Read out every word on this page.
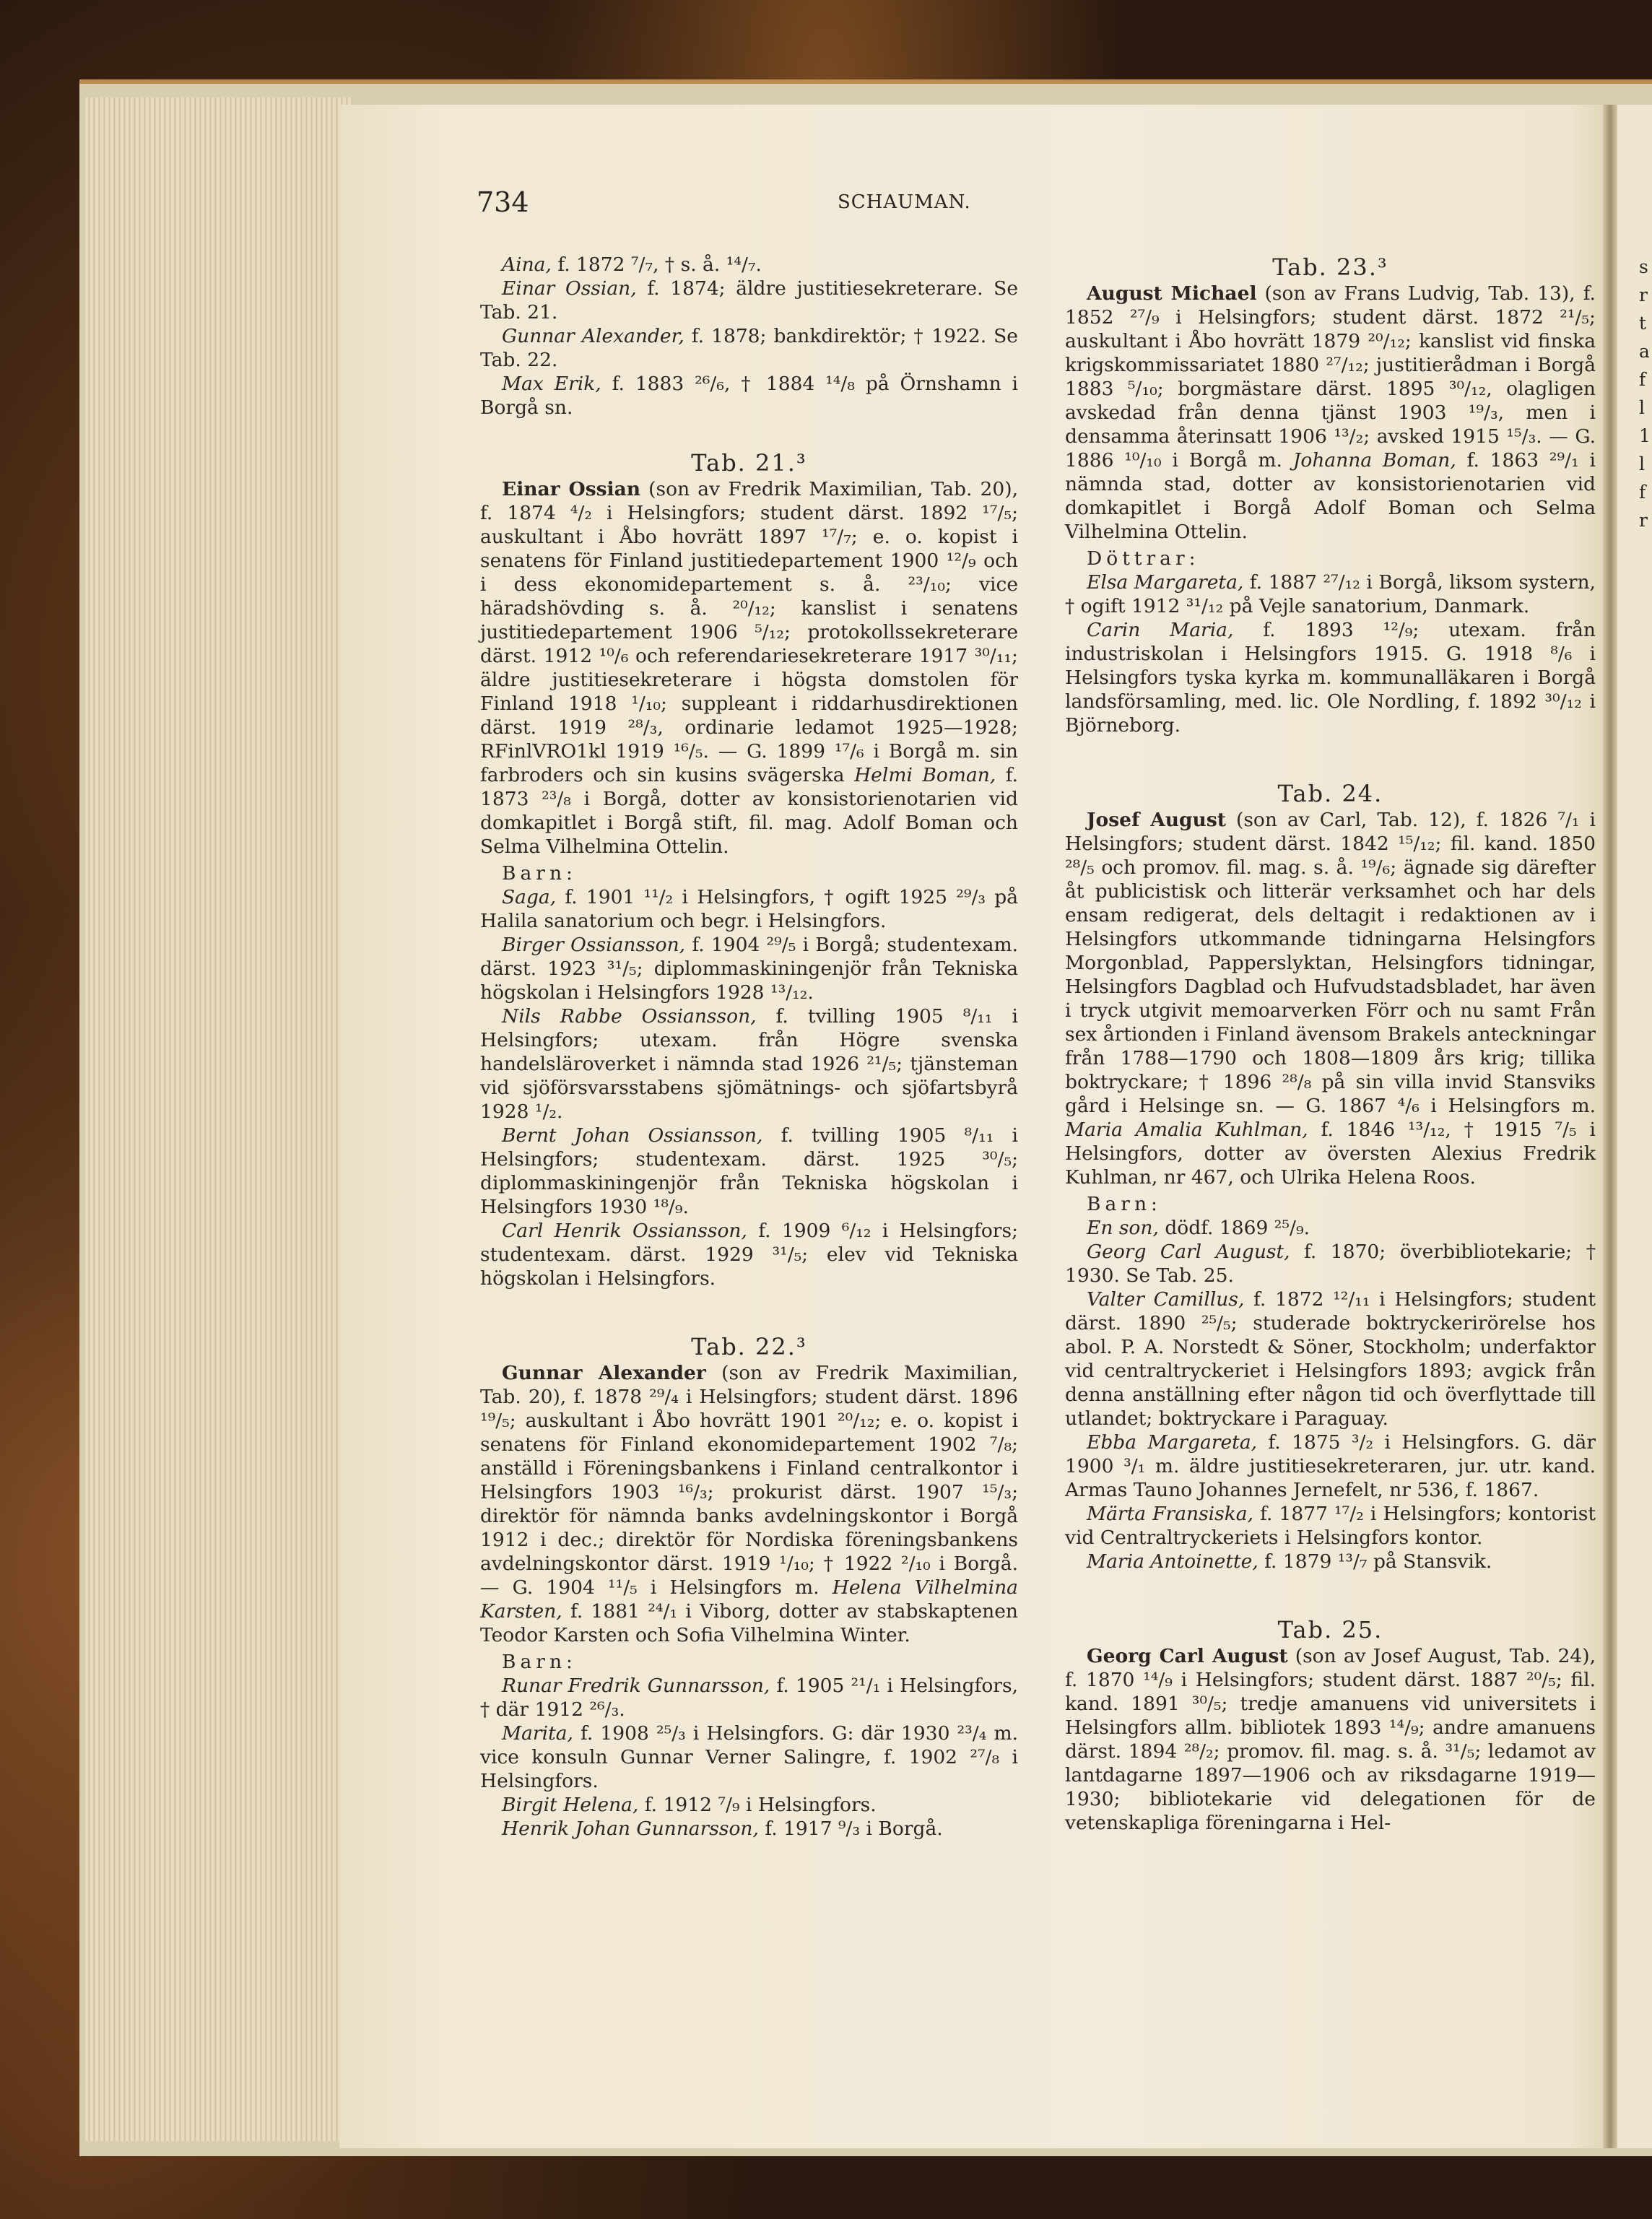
s
r
t
a
f
l
1
l
f
r
734	SCHAUMAN.

Aina, f. 1872 ⁷/₇, † s. å. ¹⁴/₇.

Einar Ossian, f. 1874; äldre justitiesekreterare. Se Tab. 21.

Gunnar Alexander, f. 1878; bankdirektör; † 1922. Se Tab. 22.

Max Erik, f. 1883 ²⁶/₆, † 1884 ¹⁴/₈ på Örnshamn i Borgå sn.

Tab. 21.³

Einar Ossian (son av Fredrik Maximilian, Tab. 20), f. 1874 ⁴/₂ i Helsingfors; student därst. 1892 ¹⁷/₅; auskultant i Åbo hovrätt 1897 ¹⁷/₇; e. o. kopist i senatens för Finland justitiedepartement 1900 ¹²/₉ och i dess ekonomidepartement s. å. ²³/₁₀; vice häradshövding s. å. ²⁰/₁₂; kanslist i senatens justitiedepartement 1906 ⁵/₁₂; protokollssekreterare därst. 1912 ¹⁰/₆ och referendariesekreterare 1917 ³⁰/₁₁; äldre justitiesekreterare i högsta domstolen för Finland 1918 ¹/₁₀; suppleant i riddarhusdirektionen därst. 1919 ²⁸/₃, ordinarie ledamot 1925—1928; RFinlVRO1kl 1919 ¹⁶/₅. — G. 1899 ¹⁷/₆ i Borgå m. sin farbroders och sin kusins svägerska Helmi Boman, f. 1873 ²³/₈ i Borgå, dotter av konsistorienotarien vid domkapitlet i Borgå stift, fil. mag. Adolf Boman och Selma Vilhelmina Ottelin.

Barn:

Saga, f. 1901 ¹¹/₂ i Helsingfors, † ogift 1925 ²⁹/₃ på Halila sanatorium och begr. i Helsingfors.

Birger Ossiansson, f. 1904 ²⁹/₅ i Borgå; studentexam. därst. 1923 ³¹/₅; diplommaskiningenjör från Tekniska högskolan i Helsingfors 1928 ¹³/₁₂.

Nils Rabbe Ossiansson, f. tvilling 1905 ⁸/₁₁ i Helsingfors; utexam. från Högre svenska handelsläroverket i nämnda stad 1926 ²¹/₅; tjänsteman vid sjöförsvarsstabens sjömätnings- och sjöfartsbyrå 1928 ¹/₂.

Bernt Johan Ossiansson, f. tvilling 1905 ⁸/₁₁ i Helsingfors; studentexam. därst. 1925 ³⁰/₅; diplommaskiningenjör från Tekniska högskolan i Helsingfors 1930 ¹⁸/₉.

Carl Henrik Ossiansson, f. 1909 ⁶/₁₂ i Helsingfors; studentexam. därst. 1929 ³¹/₅; elev vid Tekniska högskolan i Helsingfors.

Tab. 22.³

Gunnar Alexander (son av Fredrik Maximilian, Tab. 20), f. 1878 ²⁹/₄ i Helsingfors; student därst. 1896 ¹⁹/₅; auskultant i Åbo hovrätt 1901 ²⁰/₁₂; e. o. kopist i senatens för Finland ekonomidepartement 1902 ⁷/₈; anställd i Föreningsbankens i Finland centralkontor i Helsingfors 1903 ¹⁶/₃; prokurist därst. 1907 ¹⁵/₃; direktör för nämnda banks avdelningskontor i Borgå 1912 i dec.; direktör för Nordiska föreningsbankens avdelningskontor därst. 1919 ¹/₁₀; † 1922 ²/₁₀ i Borgå. — G. 1904 ¹¹/₅ i Helsingfors m. Helena Vilhelmina Karsten, f. 1881 ²⁴/₁ i Viborg, dotter av stabskaptenen Teodor Karsten och Sofia Vilhelmina Winter.

Barn:

Runar Fredrik Gunnarsson, f. 1905 ²¹/₁ i Helsingfors, † där 1912 ²⁶/₃.

Marita, f. 1908 ²⁵/₃ i Helsingfors. G: där 1930 ²³/₄ m. vice konsuln Gunnar Verner Salingre, f. 1902 ²⁷/₈ i Helsingfors.

Birgit Helena, f. 1912 ⁷/₉ i Helsingfors.

Henrik Johan Gunnarsson, f. 1917 ⁹/₃ i Borgå.

Tab. 23.³

August Michael (son av Frans Ludvig, Tab. 13), f. 1852 ²⁷/₉ i Helsingfors; student därst. 1872 ²¹/₅; auskultant i Åbo hovrätt 1879 ²⁰/₁₂; kanslist vid finska krigskommissariatet 1880 ²⁷/₁₂; justitierådman i Borgå 1883 ⁵/₁₀; borgmästare därst. 1895 ³⁰/₁₂, olagligen avskedad från denna tjänst 1903 ¹⁹/₃, men i densamma återinsatt 1906 ¹³/₂; avsked 1915 ¹⁵/₃. — G. 1886 ¹⁰/₁₀ i Borgå m. Johanna Boman, f. 1863 ²⁹/₁ i nämnda stad, dotter av konsistorienotarien vid domkapitlet i Borgå Adolf Boman och Selma Vilhelmina Ottelin.

Döttrar:

Elsa Margareta, f. 1887 ²⁷/₁₂ i Borgå, liksom systern, † ogift 1912 ³¹/₁₂ på Vejle sanatorium, Danmark.

Carin Maria, f. 1893 ¹²/₉; utexam. från industriskolan i Helsingfors 1915. G. 1918 ⁸/₆ i Helsingfors tyska kyrka m. kommunalläkaren i Borgå landsförsamling, med. lic. Ole Nordling, f. 1892 ³⁰/₁₂ i Björneborg.

Tab. 24.

Josef August (son av Carl, Tab. 12), f. 1826 ⁷/₁ i Helsingfors; student därst. 1842 ¹⁵/₁₂; fil. kand. 1850 ²⁸/₅ och promov. fil. mag. s. å. ¹⁹/₆; ägnade sig därefter åt publicistisk och litterär verksamhet och har dels ensam redigerat, dels deltagit i redaktionen av i Helsingfors utkommande tidningarna Helsingfors Morgonblad, Papperslyktan, Helsingfors tidningar, Helsingfors Dagblad och Hufvudstadsbladet, har även i tryck utgivit memoarverken Förr och nu samt Från sex årtionden i Finland ävensom Brakels anteckningar från 1788—1790 och 1808—1809 års krig; tillika boktryckare; † 1896 ²⁸/₈ på sin villa invid Stansviks gård i Helsinge sn. — G. 1867 ⁴/₆ i Helsingfors m. Maria Amalia Kuhlman, f. 1846 ¹³/₁₂, † 1915 ⁷/₅ i Helsingfors, dotter av översten Alexius Fredrik Kuhlman, nr 467, och Ulrika Helena Roos.

Barn:

En son, dödf. 1869 ²⁵/₉.

Georg Carl August, f. 1870; överbibliotekarie; † 1930. Se Tab. 25.

Valter Camillus, f. 1872 ¹²/₁₁ i Helsingfors; student därst. 1890 ²⁵/₅; studerade boktryckerirörelse hos abol. P. A. Norstedt & Söner, Stockholm; underfaktor vid centraltryckeriet i Helsingfors 1893; avgick från denna anställning efter någon tid och överflyttade till utlandet; boktryckare i Paraguay.

Ebba Margareta, f. 1875 ³/₂ i Helsingfors. G. där 1900 ³/₁ m. äldre justitiesekreteraren, jur. utr. kand. Armas Tauno Johannes Jernefelt, nr 536, f. 1867.

Märta Fransiska, f. 1877 ¹⁷/₂ i Helsingfors; kontorist vid Centraltryckeriets i Helsingfors kontor.

Maria Antoinette, f. 1879 ¹³/₇ på Stansvik.

Tab. 25.

Georg Carl August (son av Josef August, Tab. 24), f. 1870 ¹⁴/₉ i Helsingfors; student därst. 1887 ²⁰/₅; fil. kand. 1891 ³⁰/₅; tredje amanuens vid universitets i Helsingfors allm. bibliotek 1893 ¹⁴/₉; andre amanuens därst. 1894 ²⁸/₂; promov. fil. mag. s. å. ³¹/₅; ledamot av lantdagarne 1897—1906 och av riksdagarne 1919—1930; bibliotekarie vid delegationen för de vetenskapliga föreningarna i Hel-
